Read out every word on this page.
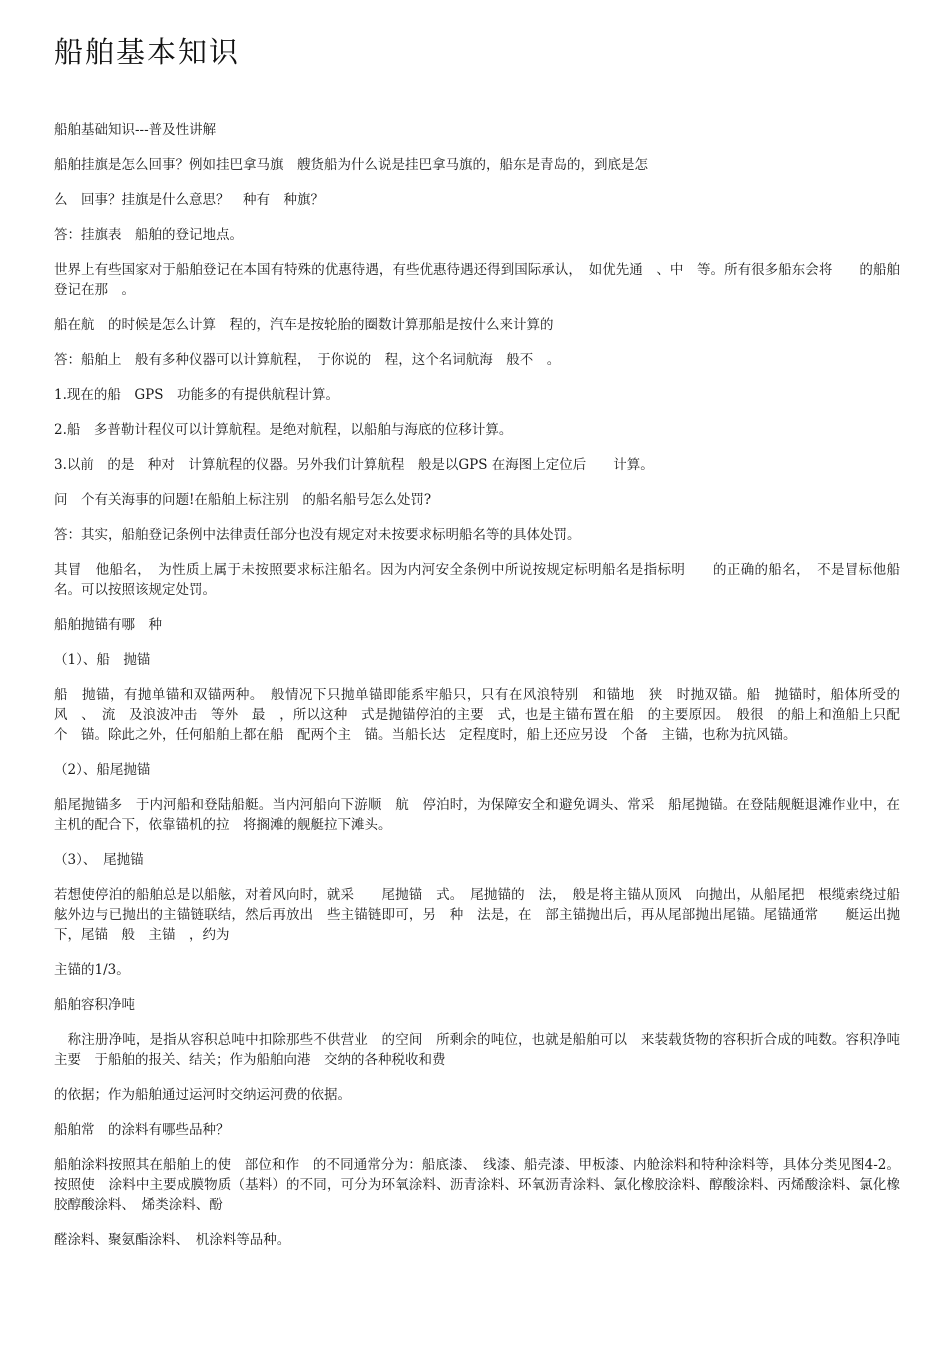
船舶基本知识

船舶基础知识---普及性讲解

船舶挂旗是怎么回事？例如挂巴拿马旗　艘货船为什么说是挂巴拿马旗的，船东是青岛的，到底是怎

么　回事？挂旗是什么意思？　种有　种旗？

答：挂旗表　船舶的登记地点。

世界上有些国家对于船舶登记在本国有特殊的优惠待遇，有些优惠待遇还得到国际承认，　如优先通　、中　等。所有很多船东会将　　的船舶登记在那　。

船在航　的时候是怎么计算　程的，汽车是按轮胎的圈数计算那船是按什么来计算的

答：船舶上　般有多种仪器可以计算航程，　于你说的　程，这个名词航海　般不　。

1.现在的船　GPS　功能多的有提供航程计算。

2.船　多普勒计程仪可以计算航程。是绝对航程，以船舶与海底的位移计算。

3.以前　的是　种对　计算航程的仪器。另外我们计算航程　般是以GPS 在海图上定位后　　计算。

问　个有关海事的问题!在船舶上标注别　的船名船号怎么处罚?

答：其实，船舶登记条例中法律责任部分也没有规定对未按要求标明船名等的具体处罚。

其冒　他船名，　为性质上属于未按照要求标注船名。因为内河安全条例中所说按规定标明船名是指标明　　的正确的船名，　不是冒标他船名。可以按照该规定处罚。

船舶抛锚有哪　种

（1）、船　抛锚

船　抛锚，有抛单锚和双锚两种。　般情况下只抛单锚即能系牢船只，只有在风浪特别　和锚地　狭　时抛双锚。船　抛锚时，船体所受的风　、　流　及浪波冲击　等外　最　，所以这种　式是抛锚停泊的主要　式，也是主锚布置在船　的主要原因。　般很　的船上和渔船上只配　个　锚。除此之外，任何船舶上都在船　配两个主　锚。当船长达　定程度时，船上还应另设　个备　主锚，也称为抗风锚。

（2）、船尾抛锚

船尾抛锚多　于内河船和登陆船艇。当内河船向下游顺　航　停泊时，为保障安全和避免调头、常采　船尾抛锚。在登陆舰艇退滩作业中，在主机的配合下，依靠锚机的拉　将搁滩的舰艇拉下滩头。

（3）、　尾抛锚

若想使停泊的船舶总是以船舷，对着风向时，就采　　尾抛锚　式。　尾抛锚的　法，　般是将主锚从顶风　向抛出，从船尾把　根缆索绕过船舷外边与已抛出的主锚链联结，然后再放出　些主锚链即可，另　种　法是，在　部主锚抛出后，再从尾部抛出尾锚。尾锚通常　　艇运出抛下，尾锚　般　主锚　，约为

主锚的1/3。

船舶容积净吨

　称注册净吨，是指从容积总吨中扣除那些不供营业　的空间　所剩余的吨位，也就是船舶可以　来装载货物的容积折合成的吨数。容积净吨主要　于船舶的报关、结关；作为船舶向港　交纳的各种税收和费

的依据；作为船舶通过运河时交纳运河费的依据。

船舶常　的涂料有哪些品种？

船舶涂料按照其在船舶上的使　部位和作　的不同通常分为：船底漆、　线漆、船壳漆、甲板漆、内舱涂料和特种涂料等，具体分类见图4-2。按照使　涂料中主要成膜物质（基料）的不同，可分为环氧涂料、沥青涂料、环氧沥青涂料、氯化橡胶涂料、醇酸涂料、丙烯酸涂料、氯化橡胶醇酸涂料、　烯类涂料、酚

醛涂料、聚氨酯涂料、　机涂料等品种。
